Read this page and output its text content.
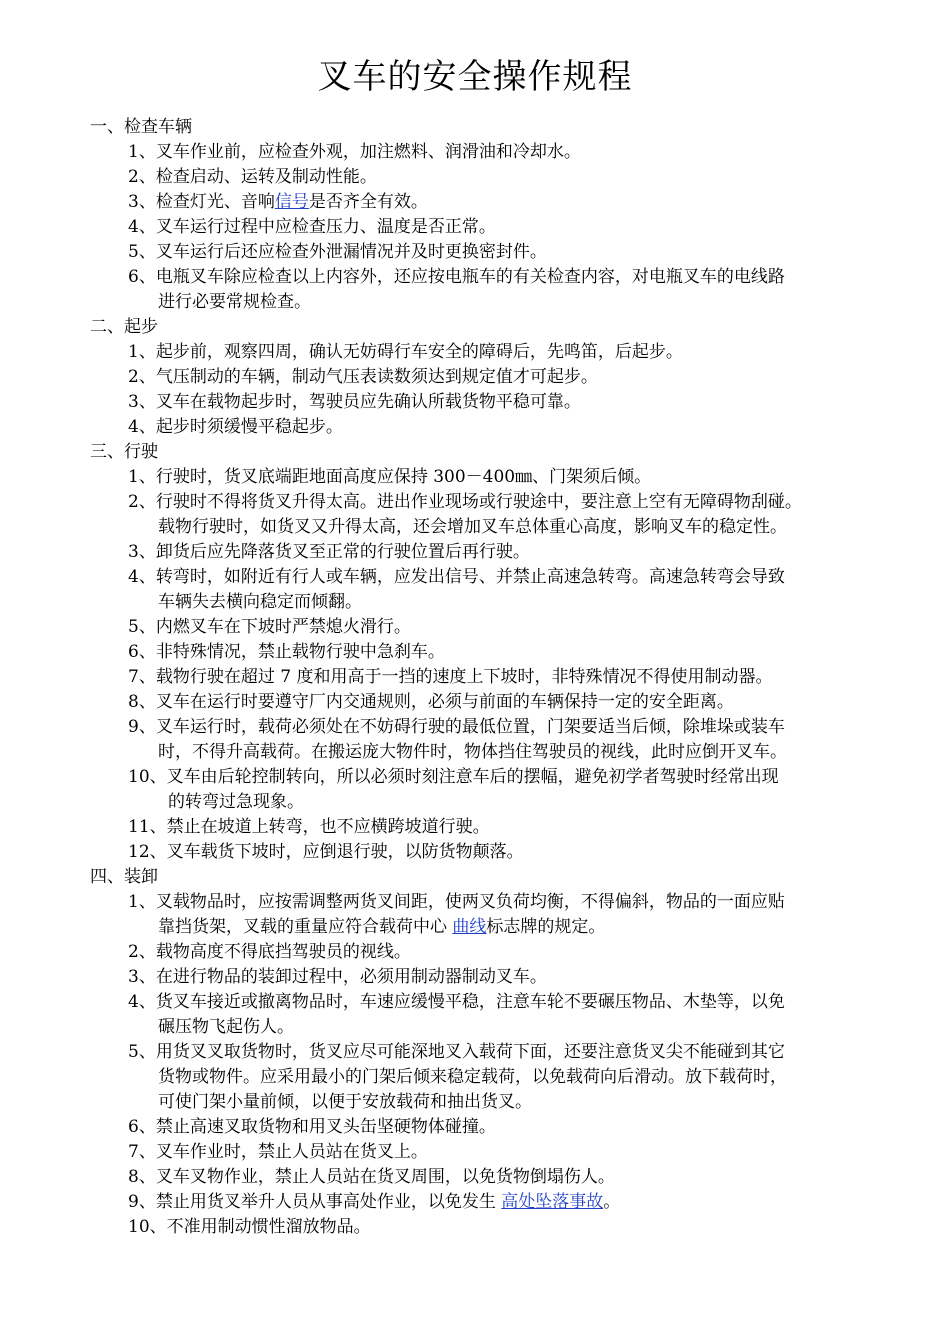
叉车的安全操作规程

一、检查车辆

1、叉车作业前，应检查外观，加注燃料、润滑油和冷却水。

2、检查启动、运转及制动性能。

3、检查灯光、音响信号是否齐全有效。

4、叉车运行过程中应检查压力、温度是否正常。

5、叉车运行后还应检查外泄漏情况并及时更换密封件。

6、电瓶叉车除应检查以上内容外，还应按电瓶车的有关检查内容，对电瓶叉车的电线路

进行必要常规检查。

二、起步

1、起步前，观察四周，确认无妨碍行车安全的障碍后，先鸣笛，后起步。

2、气压制动的车辆，制动气压表读数须达到规定值才可起步。

3、叉车在载物起步时，驾驶员应先确认所载货物平稳可靠。

4、起步时须缓慢平稳起步。

三、行驶

1、行驶时，货叉底端距地面高度应保持 300－400㎜、门架须后倾。

2、行驶时不得将货叉升得太高。进出作业现场或行驶途中，要注意上空有无障碍物刮碰。

载物行驶时，如货叉又升得太高，还会增加叉车总体重心高度，影响叉车的稳定性。

3、卸货后应先降落货叉至正常的行驶位置后再行驶。

4、转弯时，如附近有行人或车辆，应发出信号、并禁止高速急转弯。高速急转弯会导致

车辆失去横向稳定而倾翻。

5、内燃叉车在下坡时严禁熄火滑行。

6、非特殊情况，禁止载物行驶中急刹车。

7、载物行驶在超过 7 度和用高于一挡的速度上下坡时，非特殊情况不得使用制动器。

8、叉车在运行时要遵守厂内交通规则，必须与前面的车辆保持一定的安全距离。

9、叉车运行时，载荷必须处在不妨碍行驶的最低位置，门架要适当后倾，除堆垛或装车

时，不得升高载荷。在搬运庞大物件时，物体挡住驾驶员的视线，此时应倒开叉车。

10、叉车由后轮控制转向，所以必须时刻注意车后的摆幅，避免初学者驾驶时经常出现

的转弯过急现象。

11、禁止在坡道上转弯，也不应横跨坡道行驶。

12、叉车载货下坡时，应倒退行驶，以防货物颠落。

四、装卸

1、叉载物品时，应按需调整两货叉间距，使两叉负荷均衡，不得偏斜，物品的一面应贴

靠挡货架，叉载的重量应符合载荷中心 曲线标志牌的规定。

2、载物高度不得底挡驾驶员的视线。

3、在进行物品的装卸过程中，必须用制动器制动叉车。

4、货叉车接近或撤离物品时，车速应缓慢平稳，注意车轮不要碾压物品、木垫等，以免

碾压物飞起伤人。

5、用货叉叉取货物时，货叉应尽可能深地叉入载荷下面，还要注意货叉尖不能碰到其它

货物或物件。应采用最小的门架后倾来稳定载荷，以免载荷向后滑动。放下载荷时，

可使门架小量前倾，以便于安放载荷和抽出货叉。

6、禁止高速叉取货物和用叉头缶坚硬物体碰撞。

7、叉车作业时，禁止人员站在货叉上。

8、叉车叉物作业，禁止人员站在货叉周围，以免货物倒塌伤人。

9、禁止用货叉举升人员从事高处作业，以免发生 高处坠落事故。

10、不准用制动惯性溜放物品。
